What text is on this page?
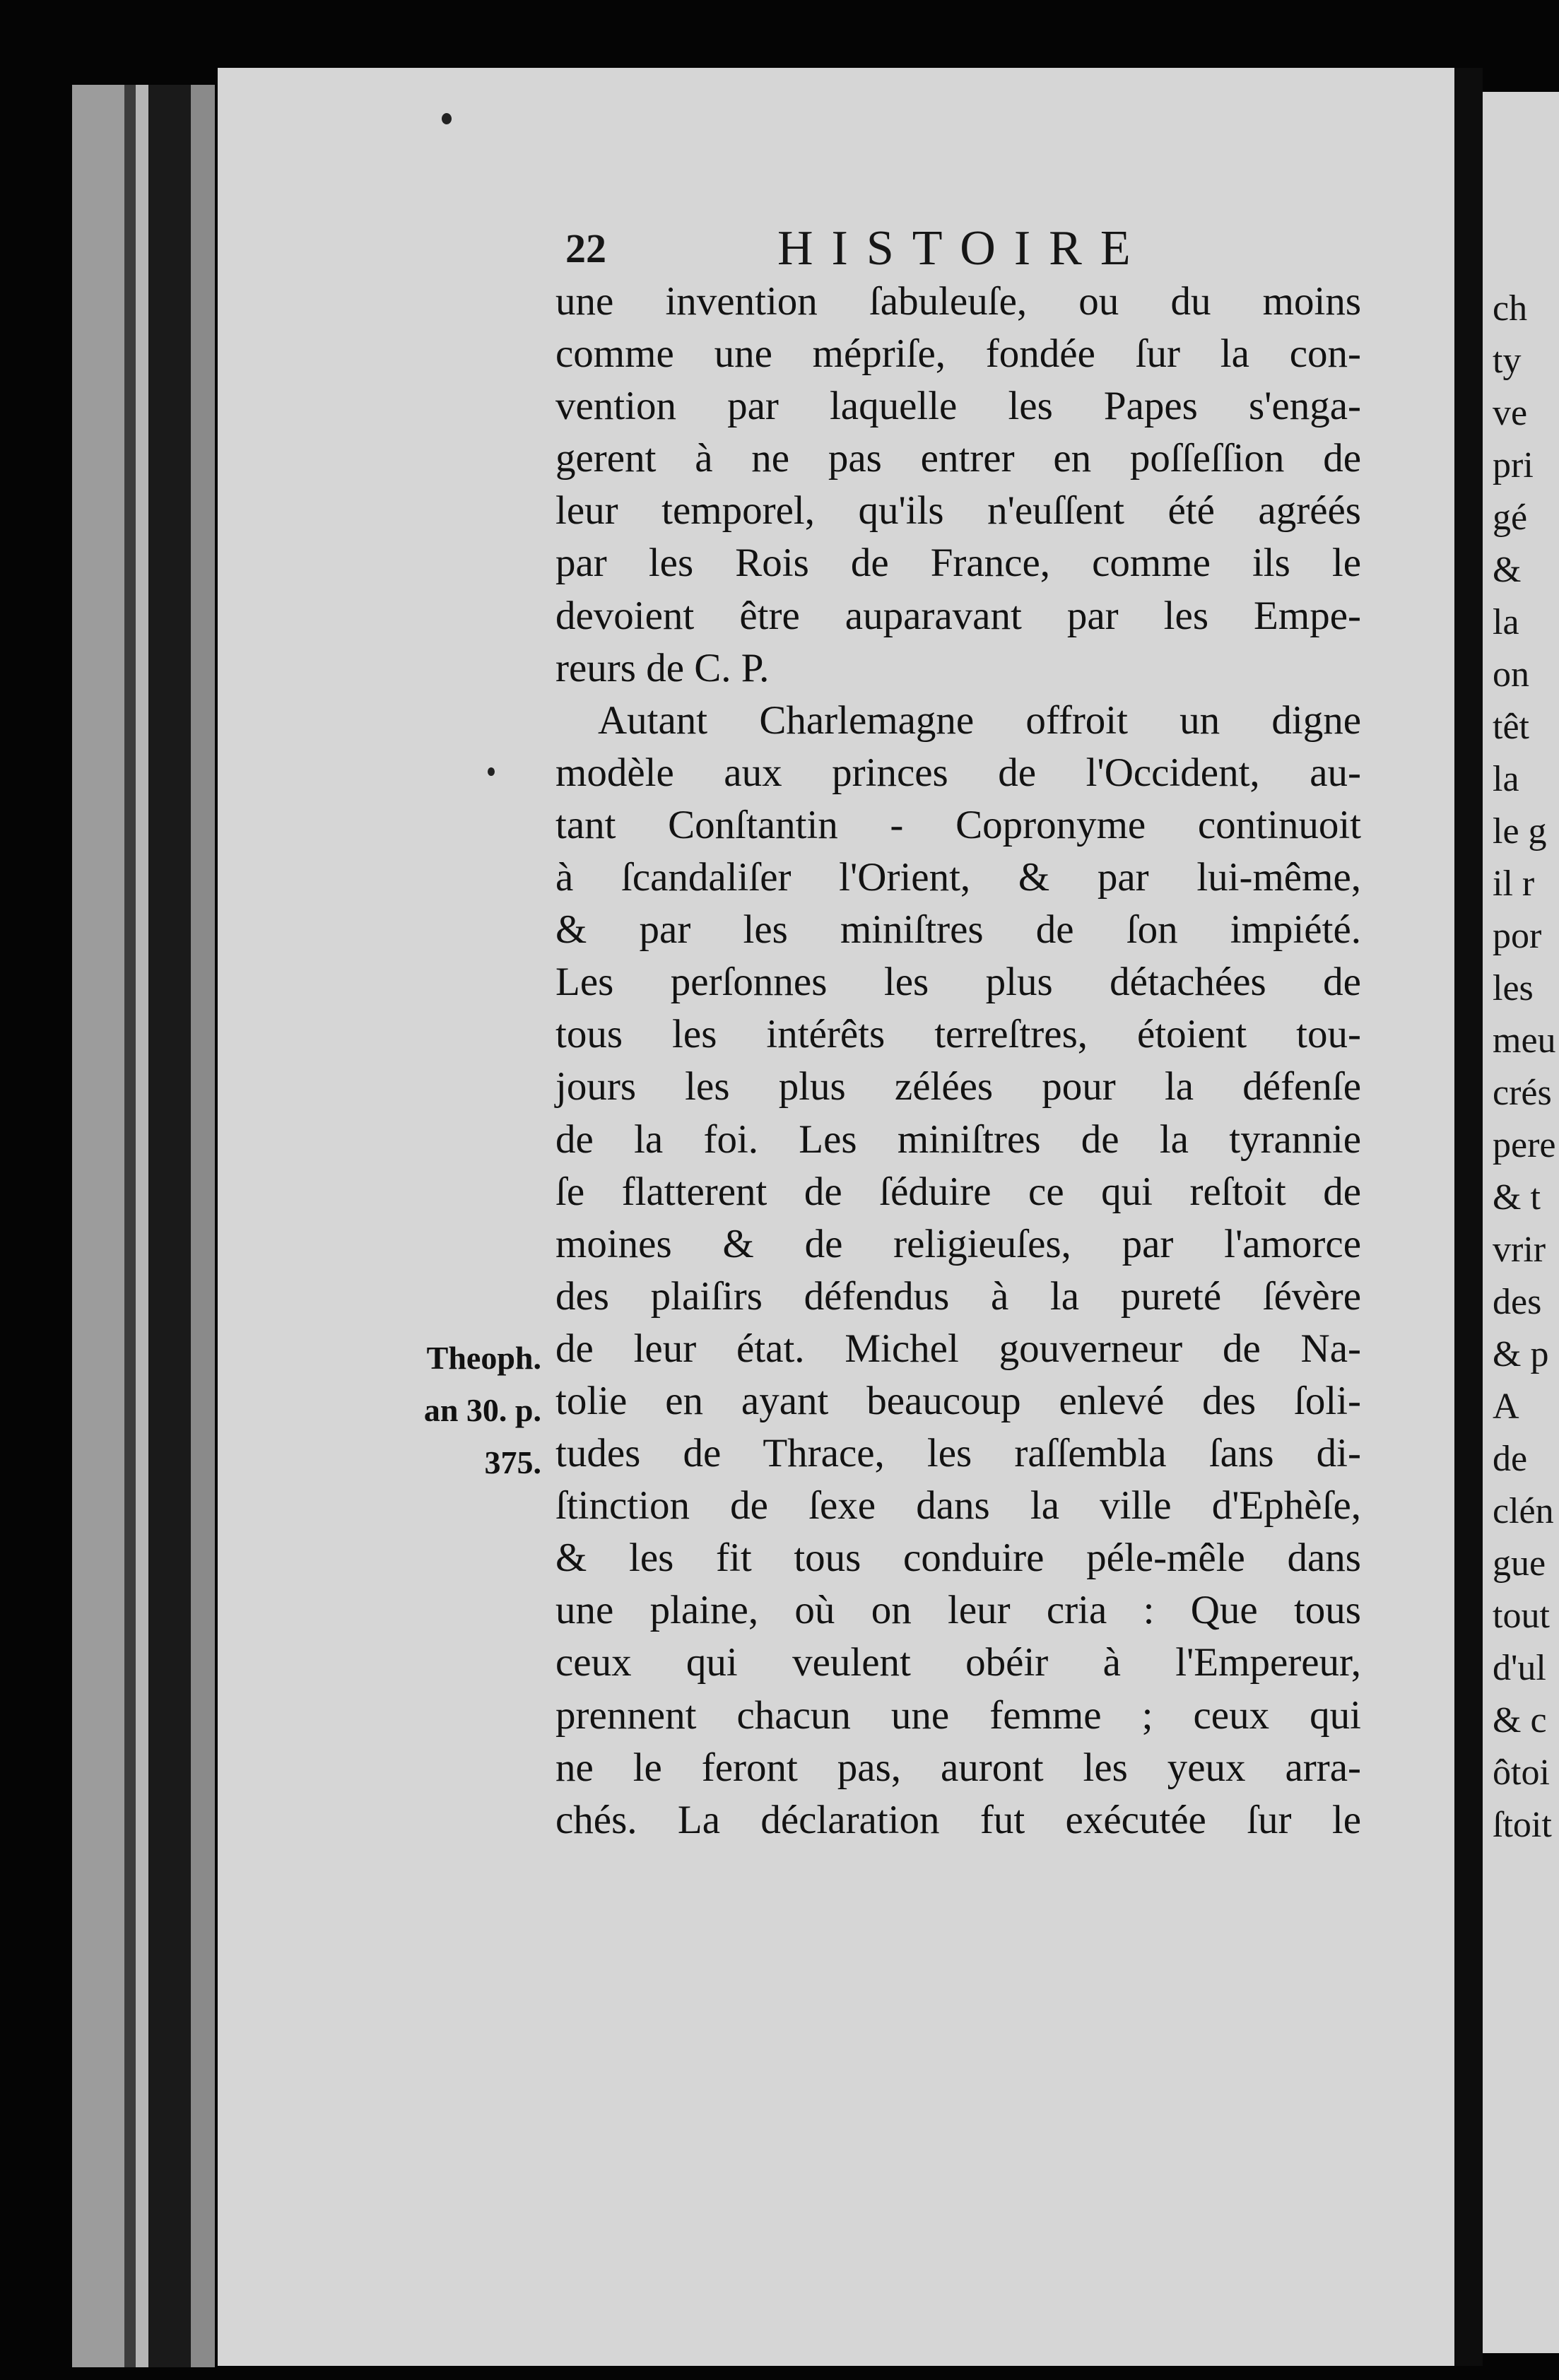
22	HISTOIRE
une invention ſabuleuſe, ou du moins
comme une mépriſe, fondée ſur la con-
vention par laquelle les Papes s'enga-
gerent à ne pas entrer en poſſeſſion de
leur temporel, qu'ils n'euſſent été agréés
par les Rois de France, comme ils le
devoient être auparavant par les Empe-
reurs de C. P.
Autant Charlemagne offroit un digne
modèle aux princes de l'Occident, au-
tant Conſtantin - Copronyme continuoit
à ſcandaliſer l'Orient, & par lui-même,
& par les miniſtres de ſon impiété.
Les perſonnes les plus détachées de
tous les intérêts terreſtres, étoient tou-
jours les plus zélées pour la défenſe
de la foi. Les miniſtres de la tyrannie
ſe flatterent de ſéduire ce qui reſtoit de
moines & de religieuſes, par l'amorce
des plaiſirs défendus à la pureté ſévère
de leur état. Michel gouverneur de Na-
tolie en ayant beaucoup enlevé des ſoli-
tudes de Thrace, les raſſembla ſans di-
ſtinction de ſexe dans la ville d'Ephèſe,
& les fit tous conduire péle-mêle dans
une plaine, où on leur cria : Que tous
ceux qui veulent obéir à l'Empereur,
prennent chacun une femme ; ceux qui
ne le feront pas, auront les yeux arra-
chés. La déclaration fut exécutée ſur le
Theoph.
an 30. p.
375.
ch
ty
ve
pri
gé
&
la
on
têt
la
le g
il r
por
les
meu
crés
pere
& t
vrir
des
& p
A
de
clén
gue
tout
d'ul
& c
ôtoi
ſtoit
